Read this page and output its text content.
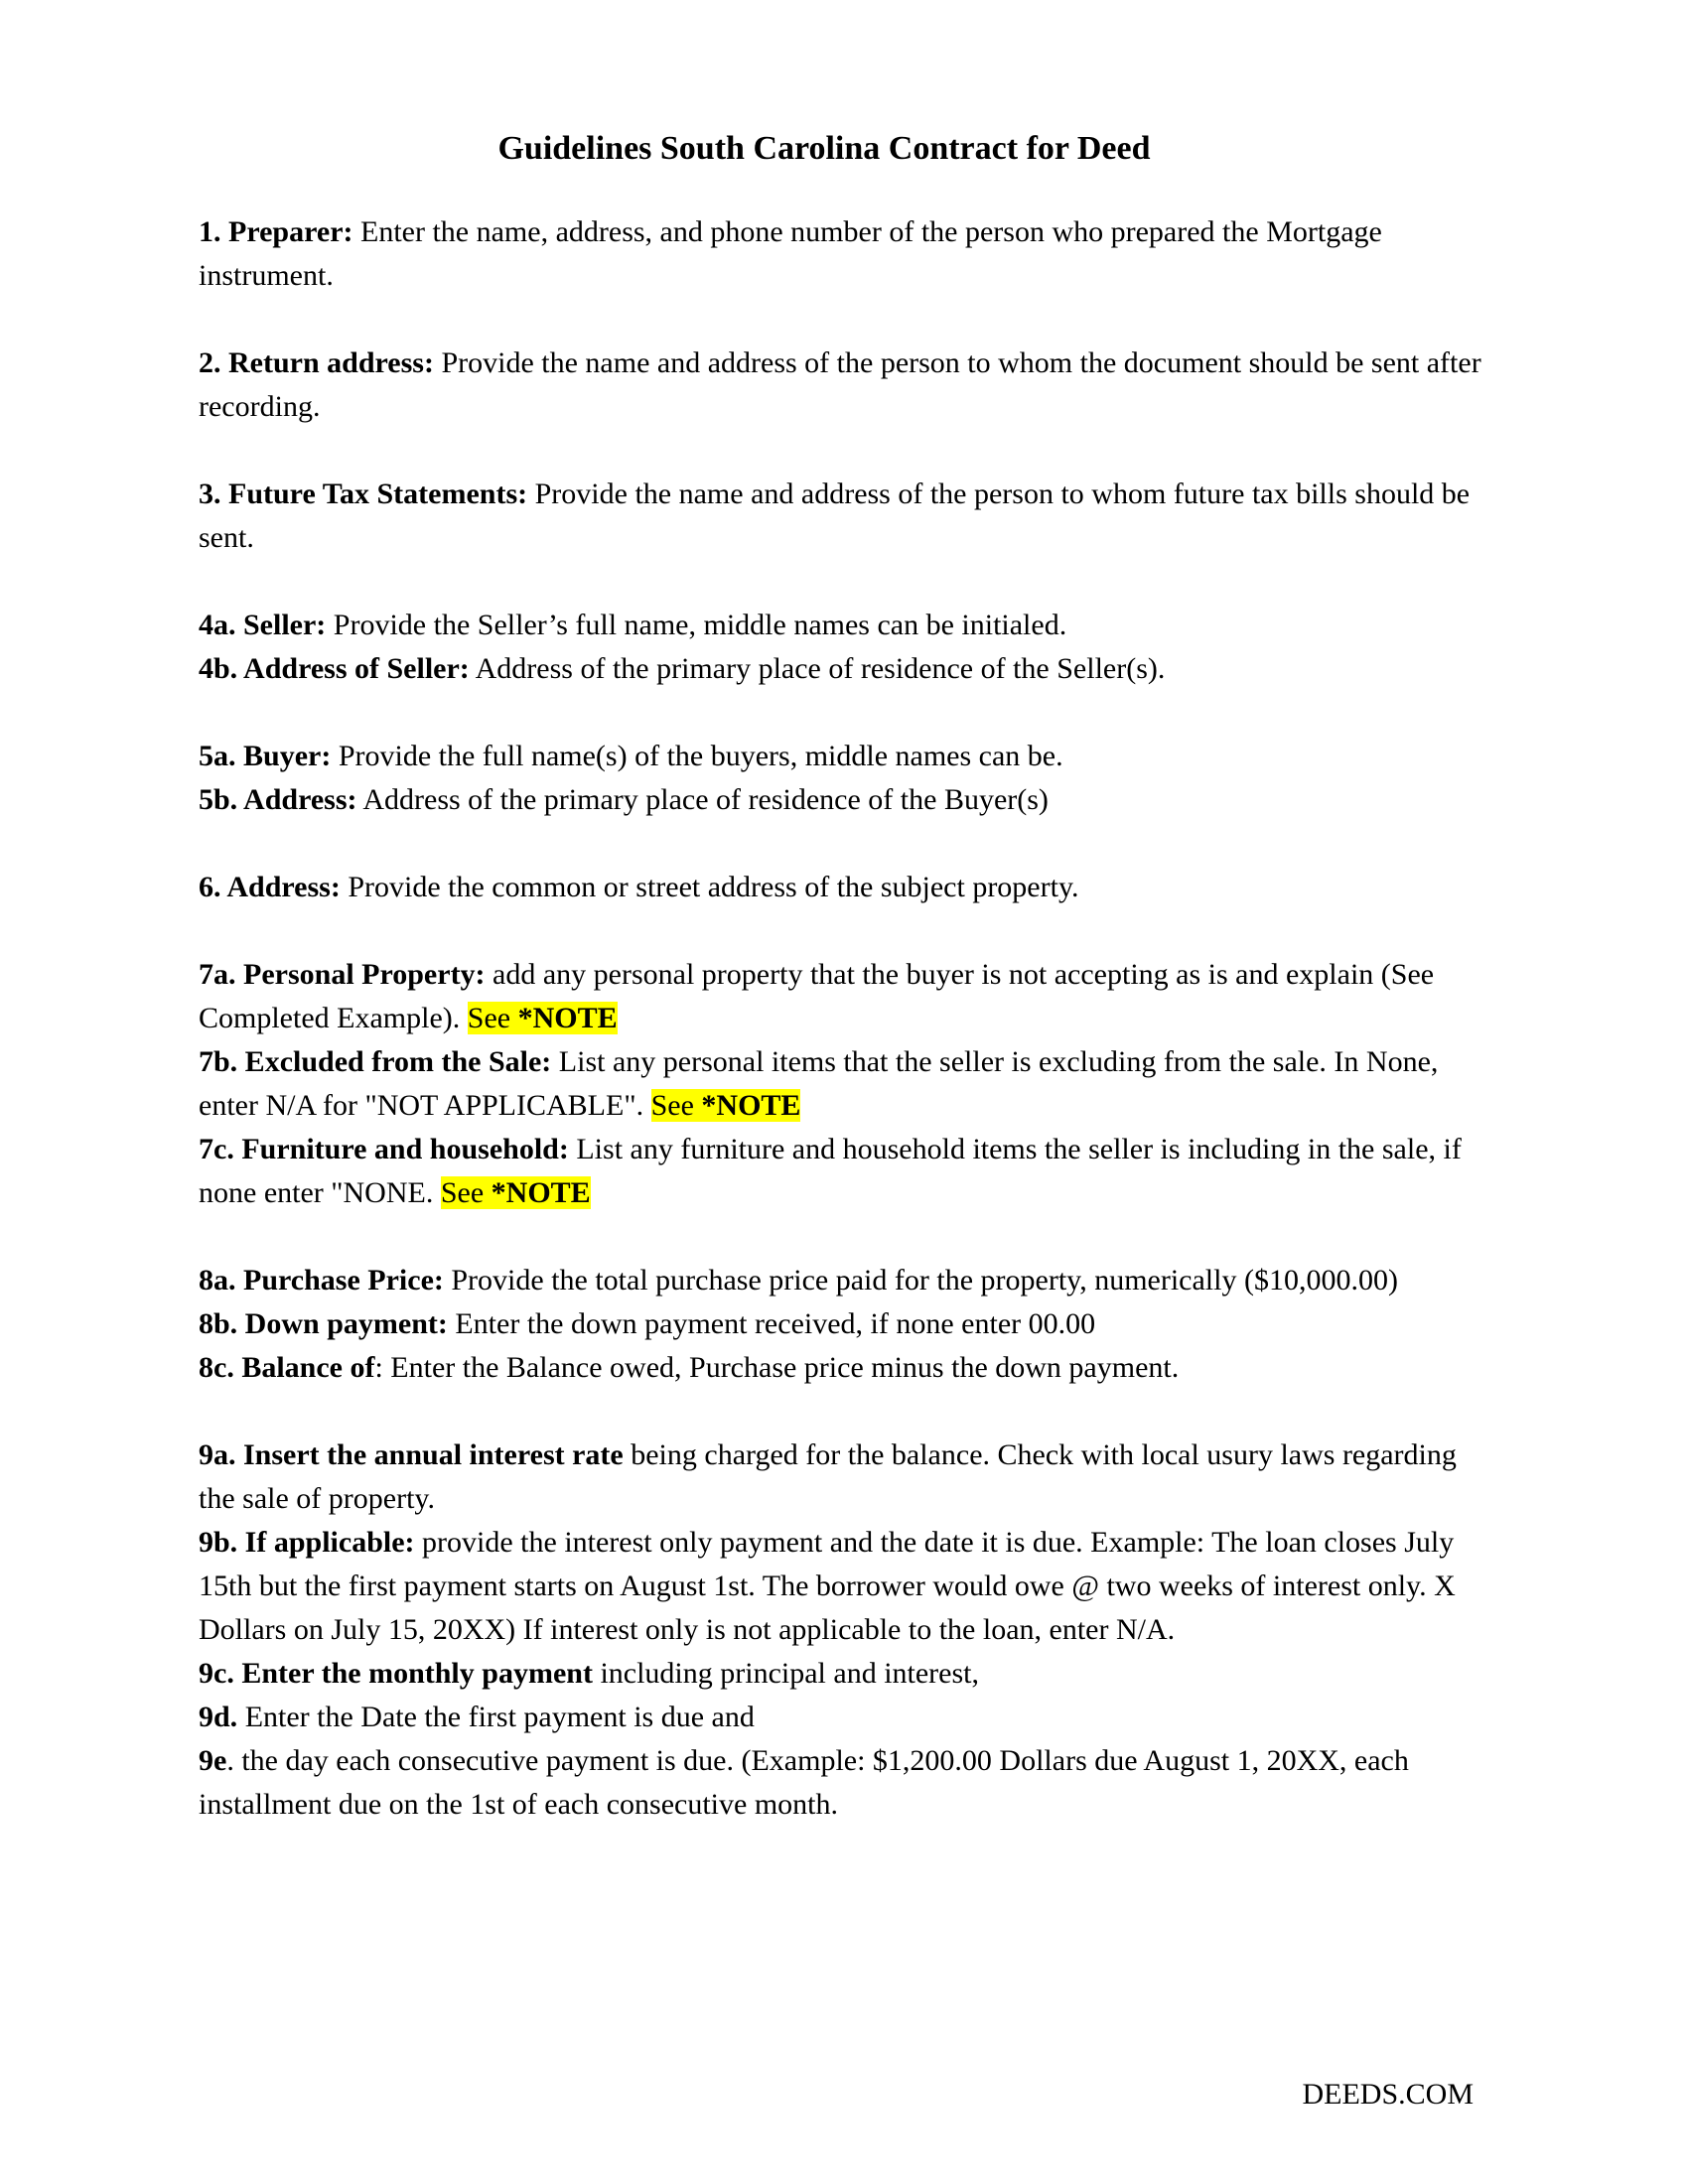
Guidelines South Carolina Contract for Deed

1. Preparer: Enter the name, address, and phone number of the person who prepared the Mortgage instrument.

2. Return address: Provide the name and address of the person to whom the document should be sent after recording.

3. Future Tax Statements: Provide the name and address of the person to whom future tax bills should be sent.

4a. Seller: Provide the Seller’s full name, middle names can be initialed.

4b. Address of Seller: Address of the primary place of residence of the Seller(s).

5a. Buyer: Provide the full name(s) of the buyers, middle names can be.

5b. Address: Address of the primary place of residence of the Buyer(s)

6. Address: Provide the common or street address of the subject property.

7a. Personal Property: add any personal property that the buyer is not accepting as is and explain (See Completed Example). See *NOTE

7b. Excluded from the Sale: List any personal items that the seller is excluding from the sale. In None, enter N/A for "NOT APPLICABLE". See *NOTE

7c. Furniture and household: List any furniture and household items the seller is including in the sale, if none enter "NONE. See *NOTE

8a. Purchase Price: Provide the total purchase price paid for the property, numerically ($10,000.00)

8b. Down payment: Enter the down payment received, if none enter 00.00

8c. Balance of: Enter the Balance owed, Purchase price minus the down payment.

9a. Insert the annual interest rate being charged for the balance. Check with local usury laws regarding the sale of property.

9b. If applicable: provide the interest only payment and the date it is due. Example: The loan closes July 15th but the first payment starts on August 1st. The borrower would owe @ two weeks of interest only. X Dollars on July 15, 20XX) If interest only is not applicable to the loan, enter N/A.

9c. Enter the monthly payment including principal and interest,

9d. Enter the Date the first payment is due and

9e. the day each consecutive payment is due. (Example: $1,200.00 Dollars due August 1, 20XX, each installment due on the 1st of each consecutive month.

DEEDS.COM
